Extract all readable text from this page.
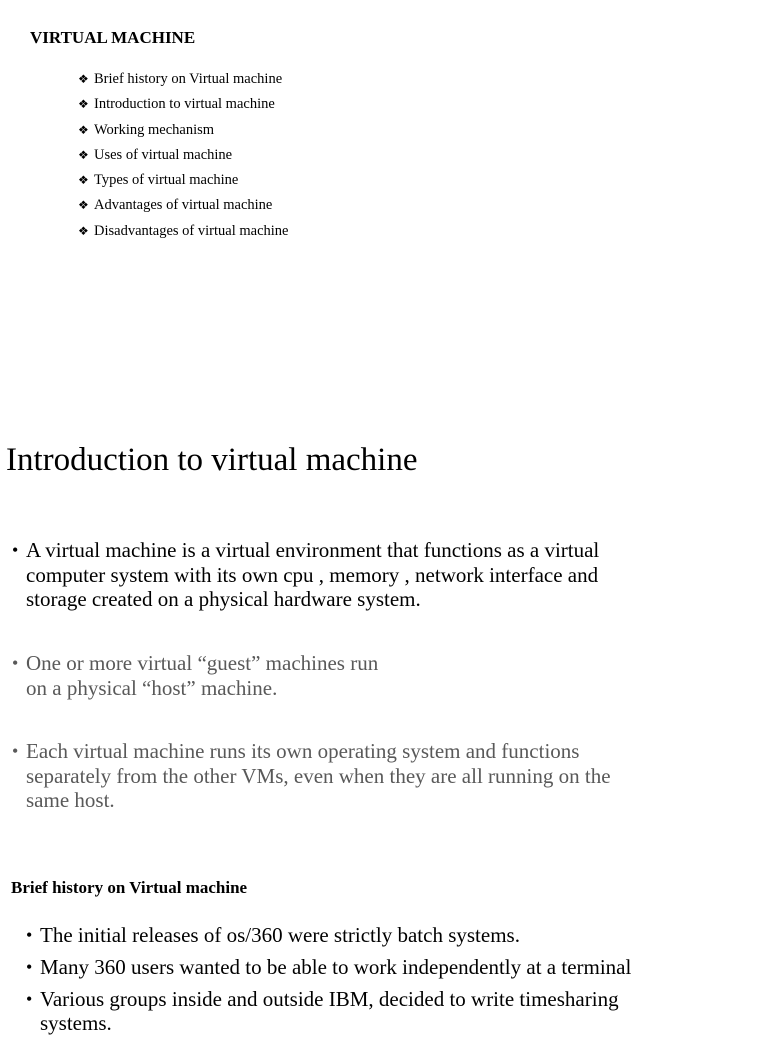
VIRTUAL MACHINE
❖ Brief history on Virtual machine
❖ Introduction to virtual machine
❖ Working mechanism
❖ Uses of virtual machine
❖ Types of virtual machine
❖ Advantages of virtual machine
❖ Disadvantages of virtual machine
Introduction to virtual machine
• A virtual machine is a virtual environment that functions as a virtual
computer system with its own cpu , memory , network interface and
storage created on a physical hardware system.
• One or more virtual “guest” machines run
on a physical “host” machine.
• Each virtual machine runs its own operating system and functions
separately from the other VMs, even when they are all running on the
same host.
Brief history on Virtual machine
• The initial releases of os/360 were strictly batch systems.
• Many 360 users wanted to be able to work independently at a terminal
• Various groups inside and outside IBM, decided to write timesharing
systems.
